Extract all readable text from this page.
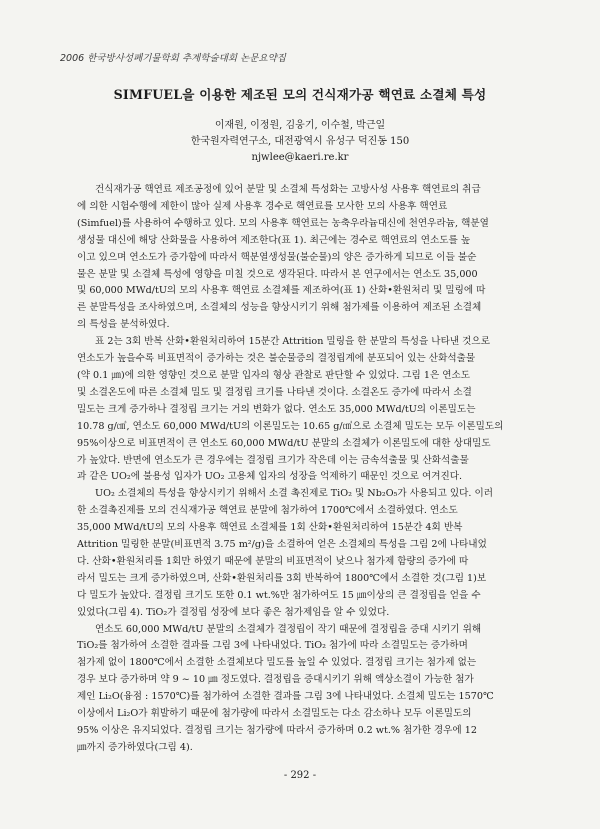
2006 한국방사성폐기물학회 추계학술대회 논문요약집
SIMFUEL을 이용한 제조된 모의 건식재가공 핵연료 소결체 특성
이재원, 이정원, 김웅기, 이수철, 박근일
한국원자력연구소, 대전광역시 유성구 덕진동 150
njwlee@kaeri.re.kr
건식재가공 핵연료 제조공정에 있어 분말 및 소결체 특성화는 고방사성 사용후 핵연료의 취급
에 의한 시험수행에 제한이 많아 실제 사용후 경수로 핵연료를 모사한 모의 사용후 핵연료
(Simfuel)를 사용하여 수행하고 있다. 모의 사용후 핵연료는 농축우라늄대신에 천연우라늄, 핵분열
생성물 대신에 해당 산화물을 사용하여 제조한다(표 1). 최근에는 경수로 핵연료의 연소도를 높
이고 있으며 연소도가 증가함에 따라서 핵분열생성물(불순물)의 양은 증가하게 되므로 이들 불순
물은 분말 및 소결체 특성에 영향을 미칠 것으로 생각된다. 따라서 본 연구에서는 연소도 35,000
및 60,000 MWd/tU의 모의 사용후 핵연료 소결체를 제조하여(표 1) 산화•환원처리 및 밀링에 따
른 분말특성을 조사하였으며, 소결체의 성능을 향상시키기 위해 첨가제를 이용하여 제조된 소결체
의 특성을 분석하였다.
표 2는 3회 반복 산화•환원처리하여 15분간 Attrition 밀링을 한 분말의 특성을 나타낸 것으로
연소도가 높을수록 비표면적이 증가하는 것은 불순물증의 결정립계에 분포되어 있는 산화석출물
(약 0.1 ㎛)에 의한 영향인 것으로 분말 입자의 형상 관찰로 판단할 수 있었다. 그림 1은 연소도
및 소결온도에 따른 소결체 밀도 및 결정립 크기를 나타낸 것이다. 소결온도 증가에 따라서 소결
밀도는 크게 증가하나 결정립 크기는 거의 변화가 없다. 연소도 35,000 MWd/tU의 이론밀도는
10.78 g/㎤, 연소도 60,000 MWd/tU의 이론밀도는 10.65 g/㎤으로 소결체 밀도는 모두 이론밀도의
95%이상으로 비표면적이 큰 연소도 60,000 MWd/tU 분말의 소결체가 이론밀도에 대한 상대밀도
가 높았다. 반면에 연소도가 큰 경우에는 결정립 크기가 작은데 이는 금속석출물 및 산화석출물
과 같은 UO₂에 불용성 입자가 UO₂ 고용체 입자의 성장을 억제하기 때문인 것으로 여겨진다.
UO₂ 소결체의 특성을 향상시키기 위해서 소결 촉진제로 TiO₂ 및 Nb₂O₅가 사용되고 있다. 이러
한 소결촉진제를 모의 건식재가공 핵연료 분말에 첨가하여 1700℃에서 소결하였다. 연소도
35,000 MWd/tU의 모의 사용후 핵연료 소결체를 1회 산화•환원처리하여 15분간 4회 반복
Attrition 밀링한 분말(비표면적 3.75 m²/g)을 소결하여 얻은 소결체의 특성을 그림 2에 나타내었
다. 산화•환원처리를 1회만 하였기 때문에 분말의 비표면적이 낮으나 첨가제 함량의 증가에 따
라서 밀도는 크게 증가하였으며, 산화•환원처리를 3회 반복하여 1800℃에서 소결한 것(그림 1)보
다 밀도가 높았다. 결정립 크기도 또한 0.1 wt.%만 첨가하여도 15 ㎛이상의 큰 결정립을 얻을 수
있었다(그림 4). TiO₂가 결정립 성장에 보다 좋은 첨가제임을 알 수 있었다.
연소도 60,000 MWd/tU 분말의 소결체가 결정립이 작기 때문에 결정립을 증대 시키기 위해
TiO₂를 첨가하여 소결한 결과를 그림 3에 나타내었다. TiO₂ 첨가에 따라 소결밀도는 증가하며
첨가제 없이 1800℃에서 소결한 소결체보다 밀도를 높일 수 있었다. 결정립 크기는 첨가제 없는
경우 보다 증가하며 약 9 ~ 10 ㎛ 정도였다. 결정립을 증대시키기 위해 액상소결이 가능한 첨가
제인 Li₂O(융점 : 1570℃)를 첨가하여 소결한 결과를 그림 3에 나타내었다. 소결체 밀도는 1570℃
이상에서 Li₂O가 휘발하기 때문에 첨가량에 따라서 소결밀도는 다소 감소하나 모두 이론밀도의
95% 이상은 유지되었다. 결정립 크기는 첨가량에 따라서 증가하며 0.2 wt.% 첨가한 경우에 12
㎛까지 증가하였다(그림 4).
- 292 -
